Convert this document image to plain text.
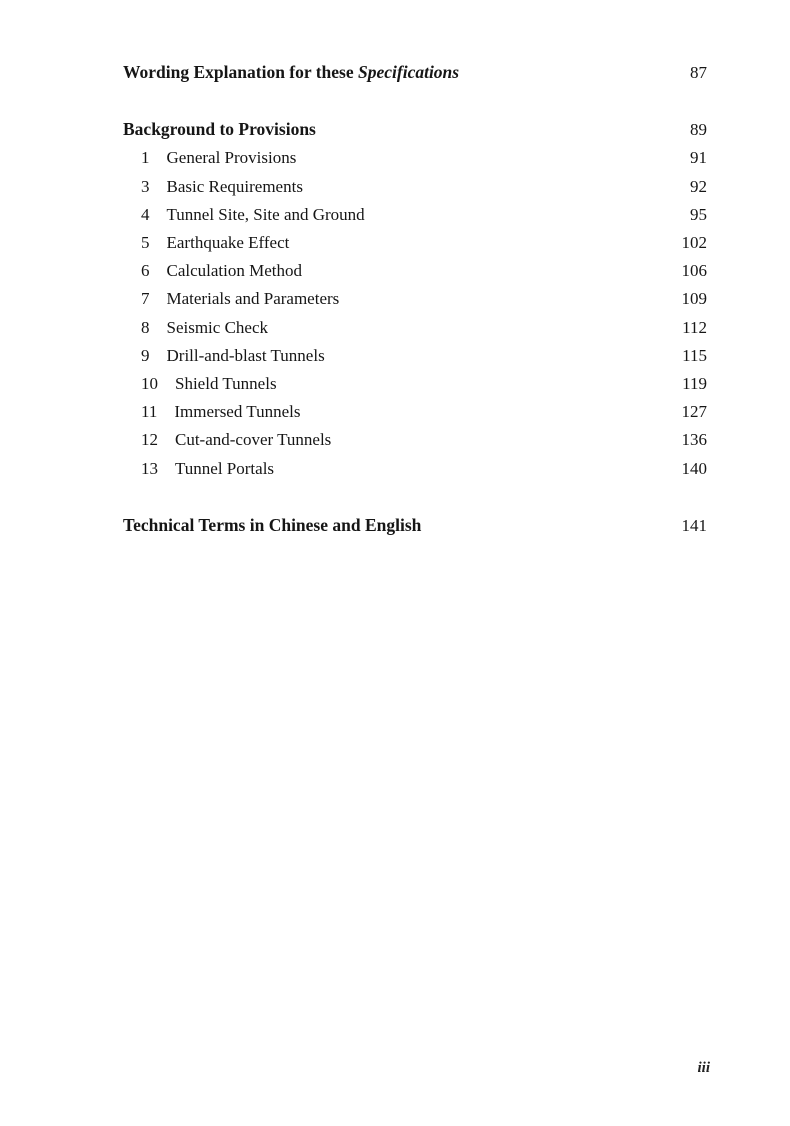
Wording Explanation for these Specifications	87
Background to Provisions	89
1 General Provisions	91
3 Basic Requirements	92
4 Tunnel Site, Site and Ground	95
5 Earthquake Effect	102
6 Calculation Method	106
7 Materials and Parameters	109
8 Seismic Check	112
9 Drill-and-blast Tunnels	115
10 Shield Tunnels	119
11 Immersed Tunnels	127
12 Cut-and-cover Tunnels	136
13 Tunnel Portals	140
Technical Terms in Chinese and English	141
iii
